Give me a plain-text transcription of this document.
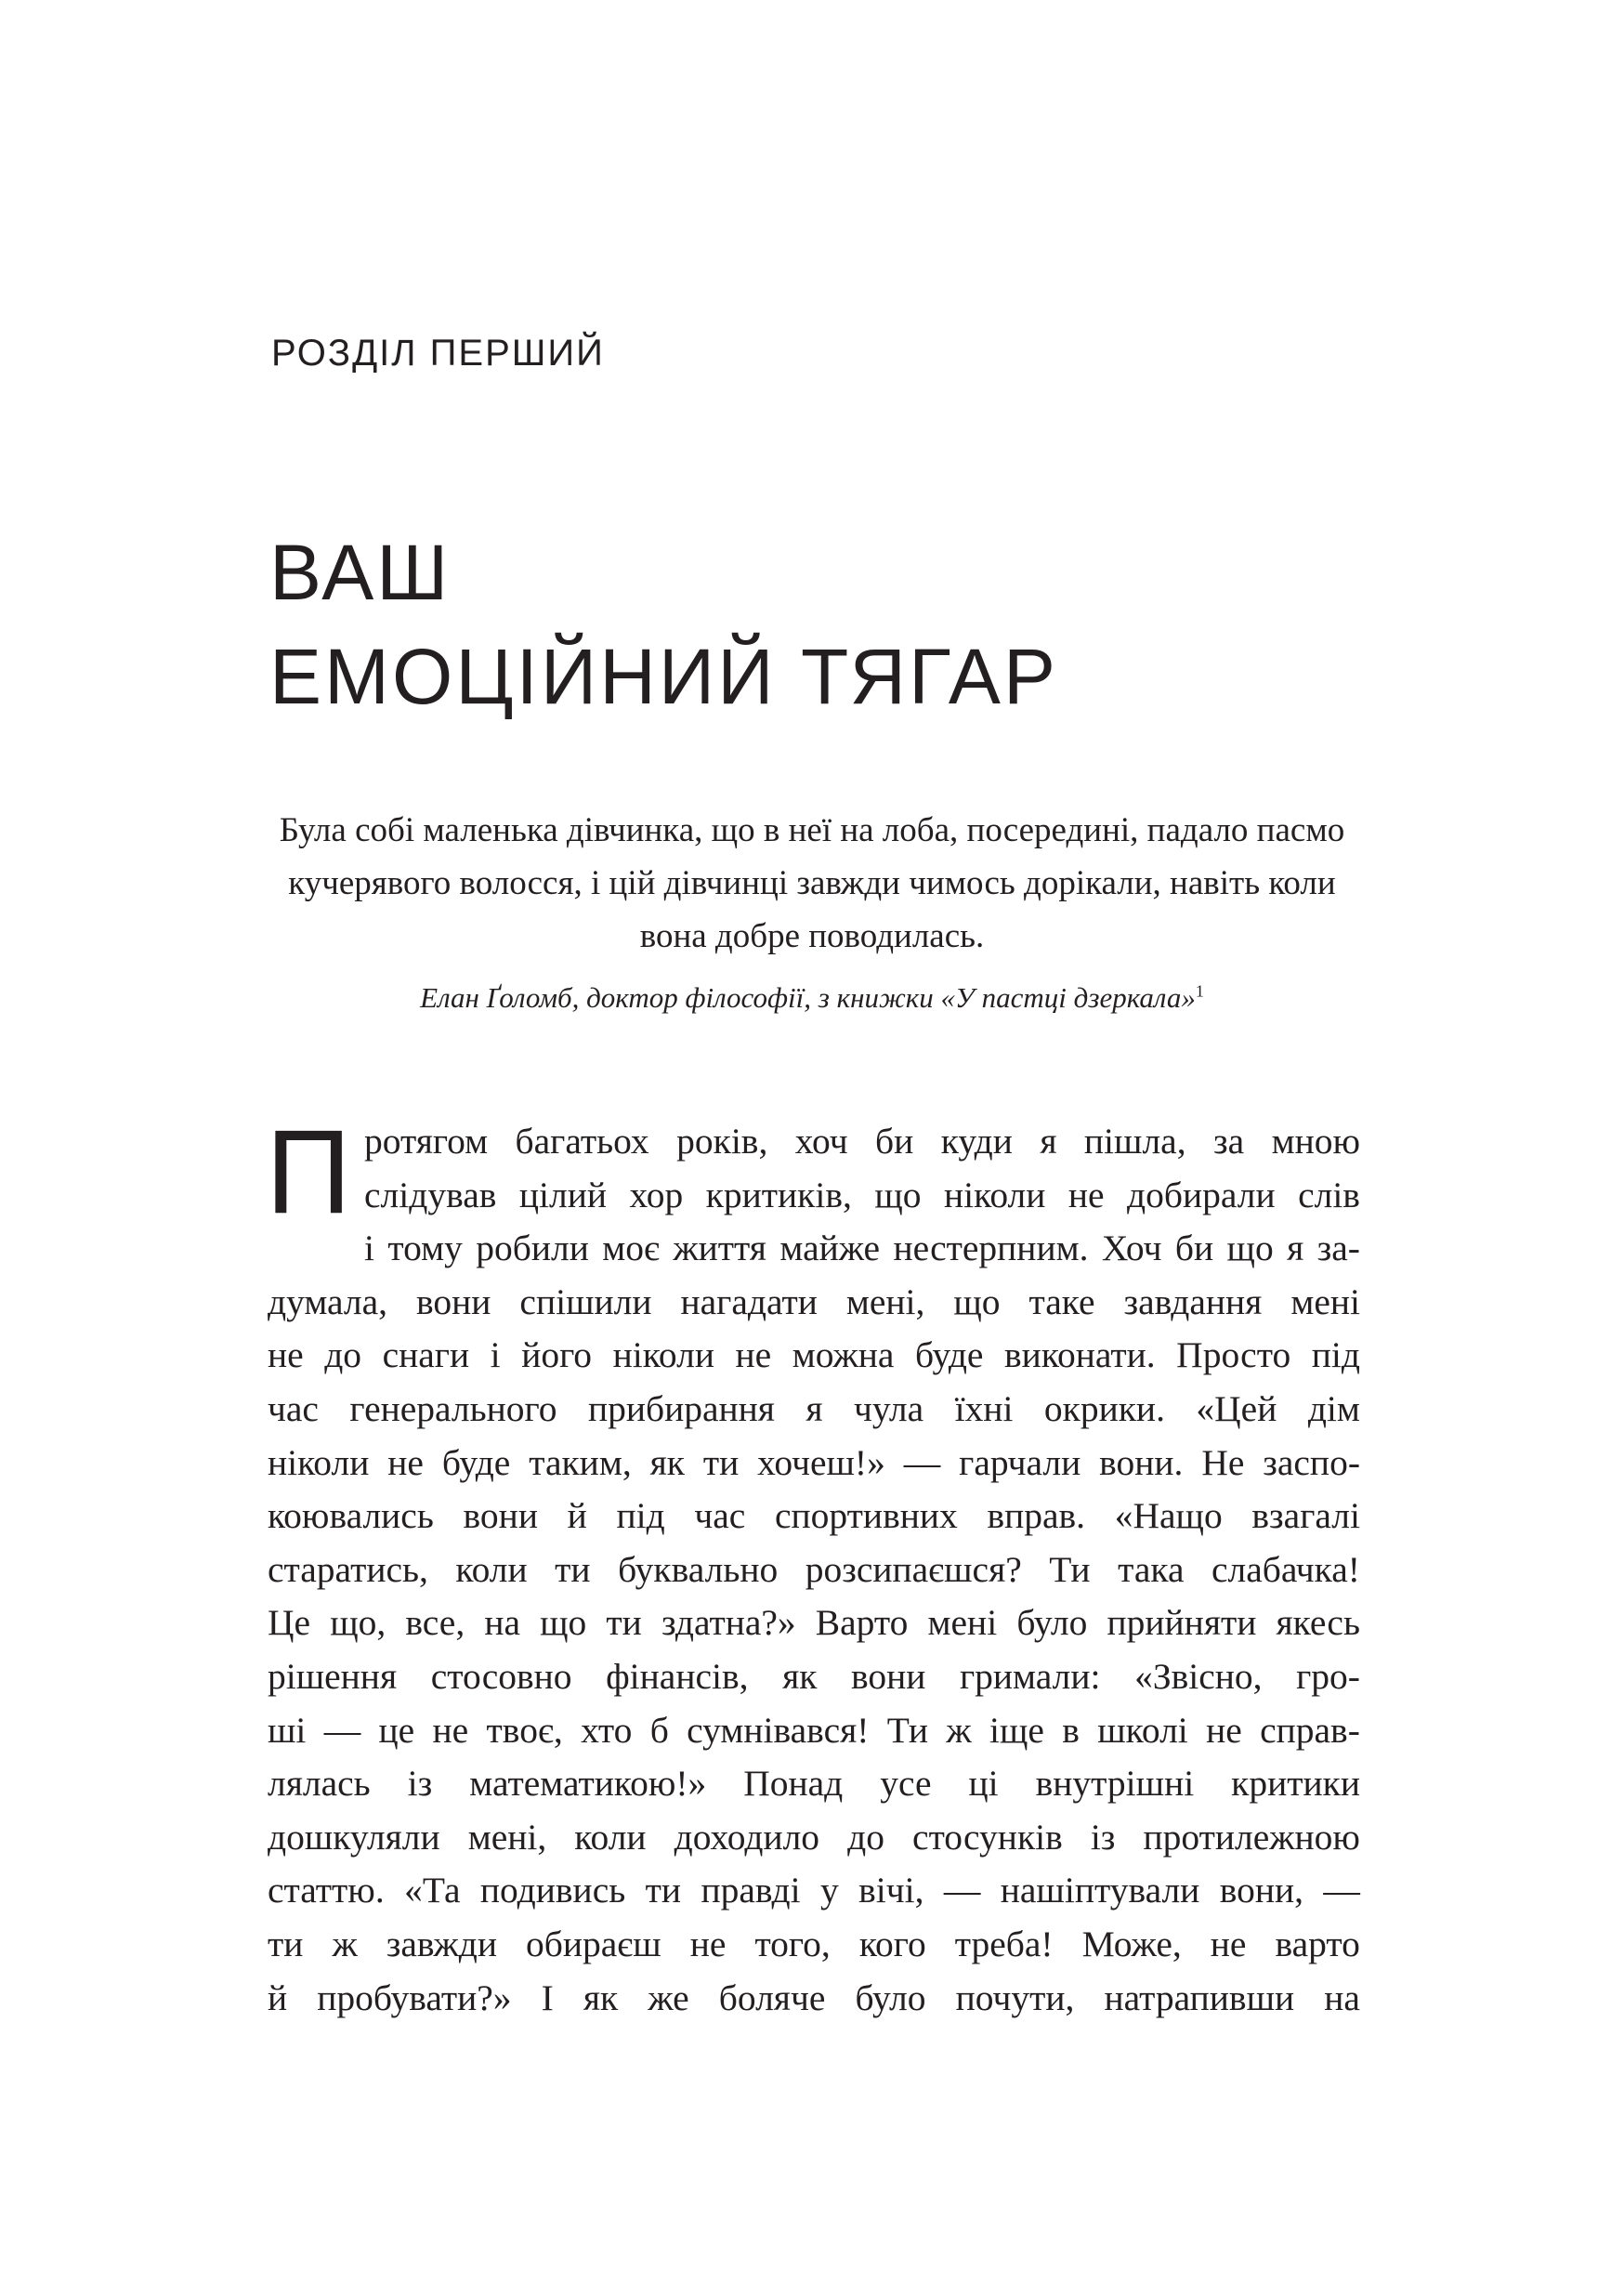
РОЗДІЛ ПЕРШИЙ
ВАШ
ЕМОЦІЙНИЙ ТЯГАР

Була собі маленька дівчинка, що в неї на лоба, посередині, падало пасмо кучерявого волосся, і цій дівчинці завжди чимось дорікали, навіть коли вона добре поводилась.

Елан Ґоломб, доктор філософії, з книжки «У пастці дзеркала»$^1$

П ротягом багатьох років, хоч би куди я пішла, за мною
слідував цілий хор критиків, що ніколи не добирали слів
і тому робили моє життя майже нестерпним. Хоч би що я за-
думала, вони спішили нагадати мені, що таке завдання мені
не до снаги і його ніколи не можна буде виконати. Просто під
час генерального прибирання я чула їхні окрики. «Цей дім
ніколи не буде таким, як ти хочеш!» — гарчали вони. Не заспо-
коювались вони й під час спортивних вправ. «Нащо взагалі
старатись, коли ти буквально розсипаєшся? Ти така слабачка!
Це що, все, на що ти здатна?» Варто мені було прийняти якесь
рішення стосовно фінансів, як вони гримали: «Звісно, гро-
ші — це не твоє, хто б сумнівався! Ти ж іще в школі не справ-
лялась із математикою!» Понад усе ці внутрішні критики
дошкуляли мені, коли доходило до стосунків із протилежною
статтю. «Та подивись ти правді у вічі, — нашіптували вони, —
ти ж завжди обираєш не того, кого треба! Може, не варто
й пробувати?» І як же боляче було почути, натрапивши на
